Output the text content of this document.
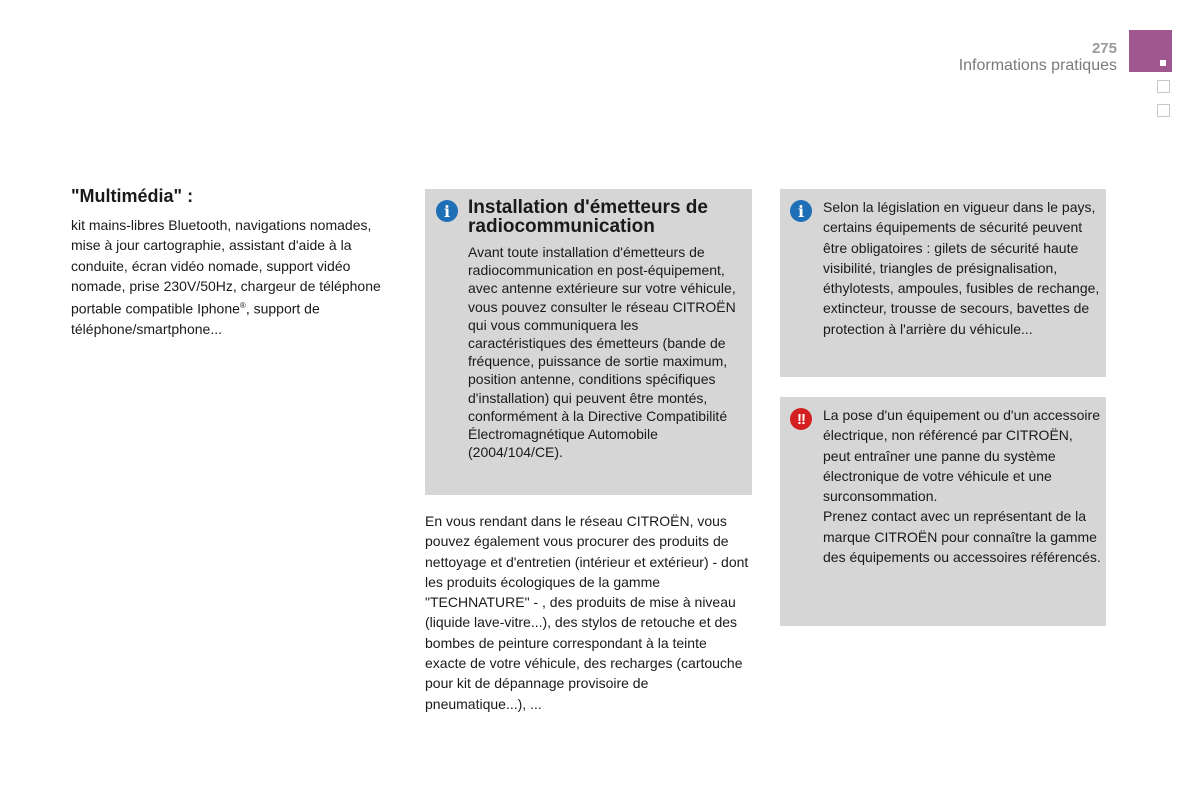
275
Informations pratiques
"Multimédia" :

kit mains-libres Bluetooth, navigations nomades, mise à jour cartographie, assistant d'aide à la conduite, écran vidéo nomade, support vidéo nomade, prise 230V/50Hz, chargeur de téléphone portable compatible Iphone®, support de téléphone/smartphone...

i Installation d'émetteurs de radiocommunication

Avant toute installation d'émetteurs de radiocommunication en post-équipement, avec antenne extérieure sur votre véhicule, vous pouvez consulter le réseau CITROËN qui vous communiquera les caractéristiques des émetteurs (bande de fréquence, puissance de sortie maximum, position antenne, conditions spécifiques d'installation) qui peuvent être montés, conformément à la Directive Compatibilité Électromagnétique Automobile (2004/104/CE).

En vous rendant dans le réseau CITROËN, vous pouvez également vous procurer des produits de nettoyage et d'entretien (intérieur et extérieur) - dont les produits écologiques de la gamme "TECHNATURE" - , des produits de mise à niveau (liquide lave-vitre...), des stylos de retouche et des bombes de peinture correspondant à la teinte exacte de votre véhicule, des recharges (cartouche pour kit de dépannage provisoire de pneumatique...), ...

i	Selon la législation en vigueur dans le pays, certains équipements de sécurité peuvent être obligatoires : gilets de sécurité haute visibilité, triangles de présignalisation, éthylotests, ampoules, fusibles de rechange, extincteur, trousse de secours, bavettes de protection à l'arrière du véhicule...

!!	La pose d'un équipement ou d'un accessoire électrique, non référencé par CITROËN, peut entraîner une panne du système électronique de votre véhicule et une surconsommation.
Prenez contact avec un représentant de la marque CITROËN pour connaître la gamme des équipements ou accessoires référencés.
